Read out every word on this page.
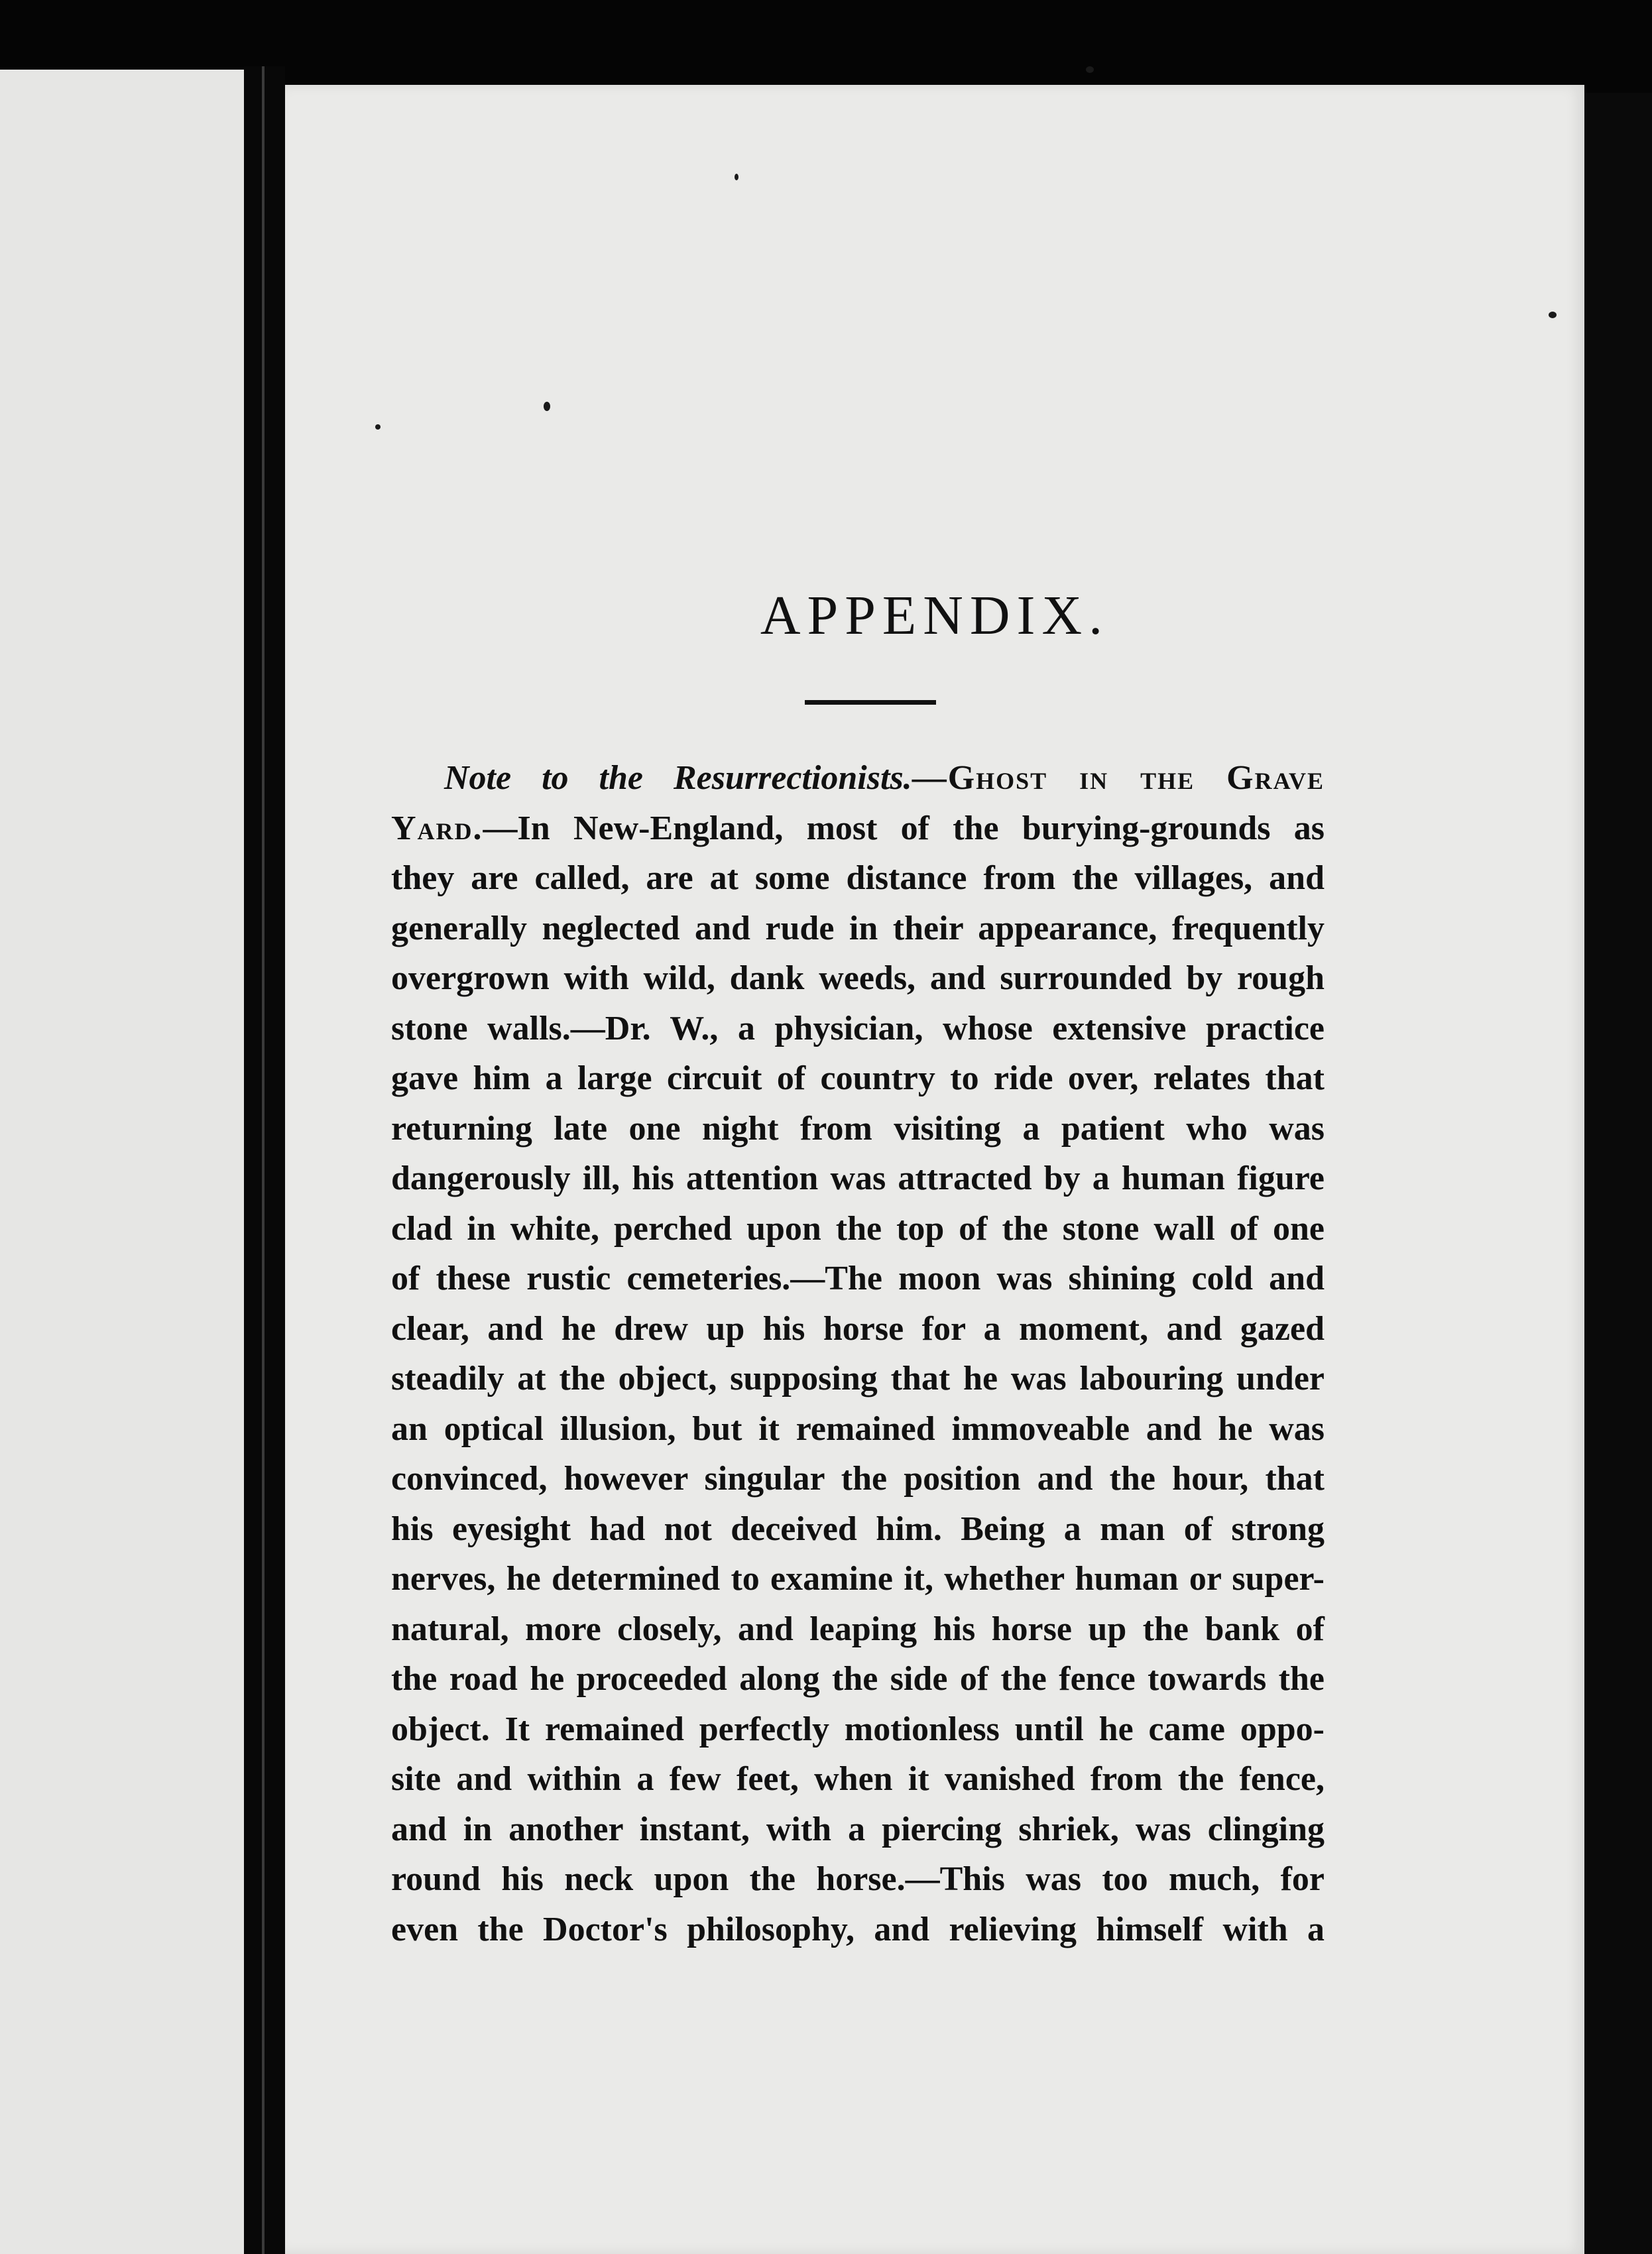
APPENDIX.
Note to the Resurrectionists.—Ghost in the Grave
Yard.—In New-England, most of the burying-grounds as
they are called, are at some distance from the villages, and
generally neglected and rude in their appearance, frequently
overgrown with wild, dank weeds, and surrounded by rough
stone walls.—Dr. W., a physician, whose extensive practice
gave him a large circuit of country to ride over, relates that
returning late one night from visiting a patient who was
dangerously ill, his attention was attracted by a human figure
clad in white, perched upon the top of the stone wall of one
of these rustic cemeteries.—The moon was shining cold and
clear, and he drew up his horse for a moment, and gazed
steadily at the object, supposing that he was labouring under
an optical illusion, but it remained immoveable and he was
convinced, however singular the position and the hour, that
his eyesight had not deceived him. Being a man of strong
nerves, he determined to examine it, whether human or super-
natural, more closely, and leaping his horse up the bank of
the road he proceeded along the side of the fence towards the
object. It remained perfectly motionless until he came oppo-
site and within a few feet, when it vanished from the fence,
and in another instant, with a piercing shriek, was clinging
round his neck upon the horse.—This was too much, for
even the Doctor's philosophy, and relieving himself with a
